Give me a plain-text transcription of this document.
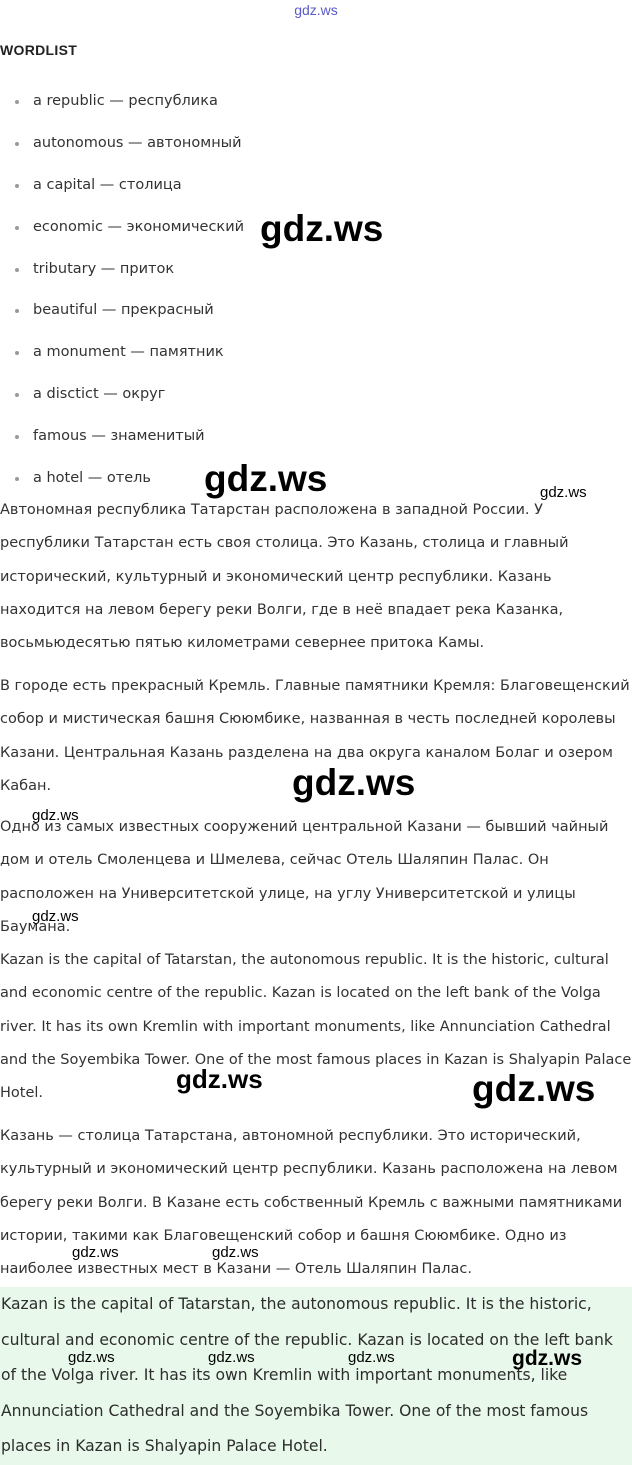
gdz.ws
WORDLIST
a republic — республика
autonomous — автономный
a capital — столица
economic — экономический
tributary — приток
beautiful — прекрасный
a monument — памятник
a disctict — округ
famous — знаменитый
a hotel — отель

Автономная республика Татарстан расположена в западной России. У республики Татарстан есть своя столица. Это Казань, столица и главный исторический, культурный и экономический центр республики. Казань находится на левом берегу реки Волги, где в неё впадает река Казанка, восьмьюдесятью пятью километрами севернее притока Камы.

В городе есть прекрасный Кремль. Главные памятники Кремля: Благовещенский собор и мистическая башня Сююмбике, названная в честь последней королевы Казани. Центральная Казань разделена на два округа каналом Болаг и озером Кабан.

Одно из самых известных сооружений центральной Казани — бывший чайный дом и отель Смоленцева и Шмелева, сейчас Отель Шаляпин Палас. Он расположен на Университетской улице, на углу Университетской и улицы Баумана.

Kazan is the capital of Tatarstan, the autonomous republic. It is the historic, cultural and economic centre of the republic. Kazan is located on the left bank of the Volga river. It has its own Kremlin with important monuments, like Annunciation Cathedral and the Soyembika Tower. One of the most famous places in Kazan is Shalyapin Palace Hotel.

Казань — столица Татарстана, автономной республики. Это исторический, культурный и экономический центр республики. Казань расположена на левом берегу реки Волги. В Казане есть собственный Кремль с важными памятниками истории, такими как Благовещенский собор и башня Сююмбике. Одно из наиболее известных мест в Казани — Отель Шаляпин Палас.

Kazan is the capital of Tatarstan, the autonomous republic. It is the historic, cultural and economic centre of the republic. Kazan is located on the left bank of the Volga river. It has its own Kremlin with important monuments, like Annunciation Cathedral and the Soyembika Tower. One of the most famous places in Kazan is Shalyapin Palace Hotel.

gdz.ws
gdz.ws	gdz.ws
gdz.ws
gdz.ws
gdz.ws
gdz.ws	gdz.ws
gdz.ws	gdz.ws
gdz.ws	gdz.ws	gdz.ws	gdz.ws
